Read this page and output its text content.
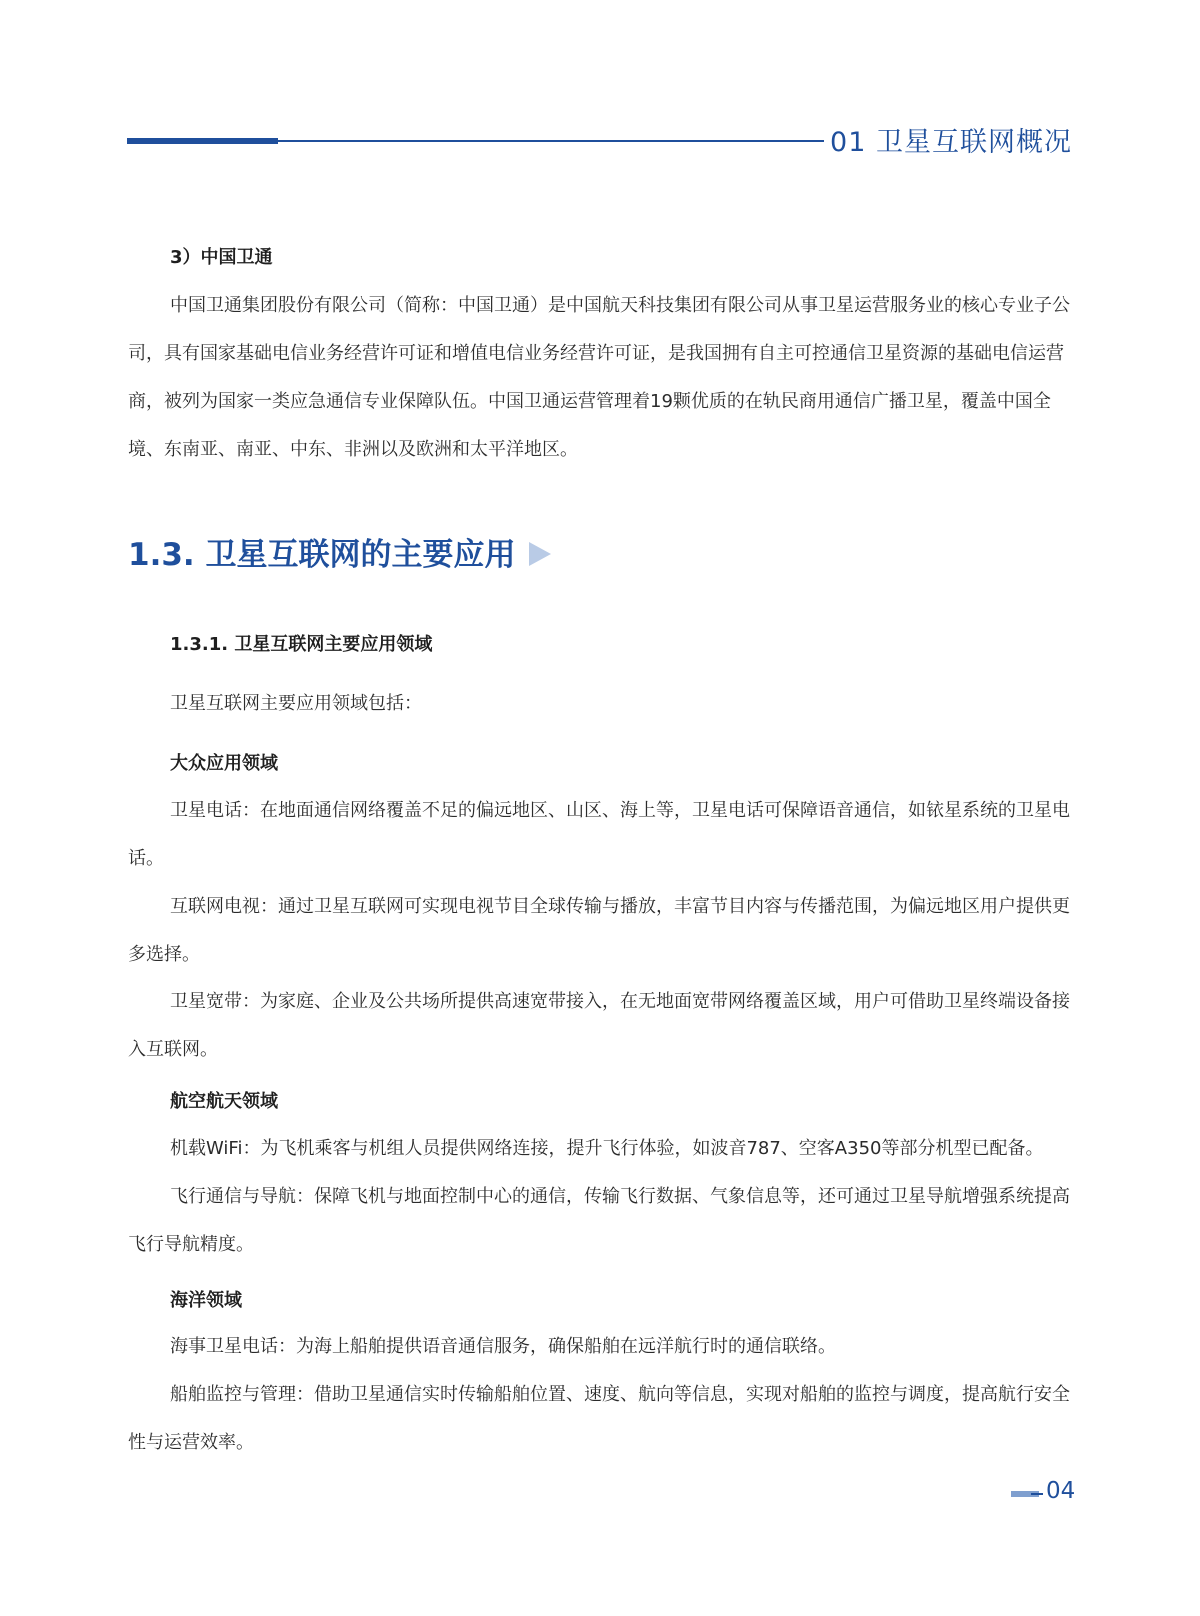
01 卫星互联网概况
3）中国卫通

中国卫通集团股份有限公司（简称：中国卫通）是中国航天科技集团有限公司从事卫星运营服务业的核心专业子公司，具有国家基础电信业务经营许可证和增值电信业务经营许可证，是我国拥有自主可控通信卫星资源的基础电信运营商，被列为国家一类应急通信专业保障队伍。中国卫通运营管理着19颗优质的在轨民商用通信广播卫星，覆盖中国全境、东南亚、南亚、中东、非洲以及欧洲和太平洋地区。

1.3. 卫星互联网的主要应用
1.3.1. 卫星互联网主要应用领域

卫星互联网主要应用领域包括：

大众应用领域

卫星电话：在地面通信网络覆盖不足的偏远地区、山区、海上等，卫星电话可保障语音通信，如铱星系统的卫星电话。

互联网电视：通过卫星互联网可实现电视节目全球传输与播放，丰富节目内容与传播范围，为偏远地区用户提供更多选择。

卫星宽带：为家庭、企业及公共场所提供高速宽带接入，在无地面宽带网络覆盖区域，用户可借助卫星终端设备接入互联网。

航空航天领域

机载WiFi：为飞机乘客与机组人员提供网络连接，提升飞行体验，如波音787、空客A350等部分机型已配备。

飞行通信与导航：保障飞机与地面控制中心的通信，传输飞行数据、气象信息等，还可通过卫星导航增强系统提高飞行导航精度。

海洋领域

海事卫星电话：为海上船舶提供语音通信服务，确保船舶在远洋航行时的通信联络。

船舶监控与管理：借助卫星通信实时传输船舶位置、速度、航向等信息，实现对船舶的监控与调度，提高航行安全性与运营效率。

04
